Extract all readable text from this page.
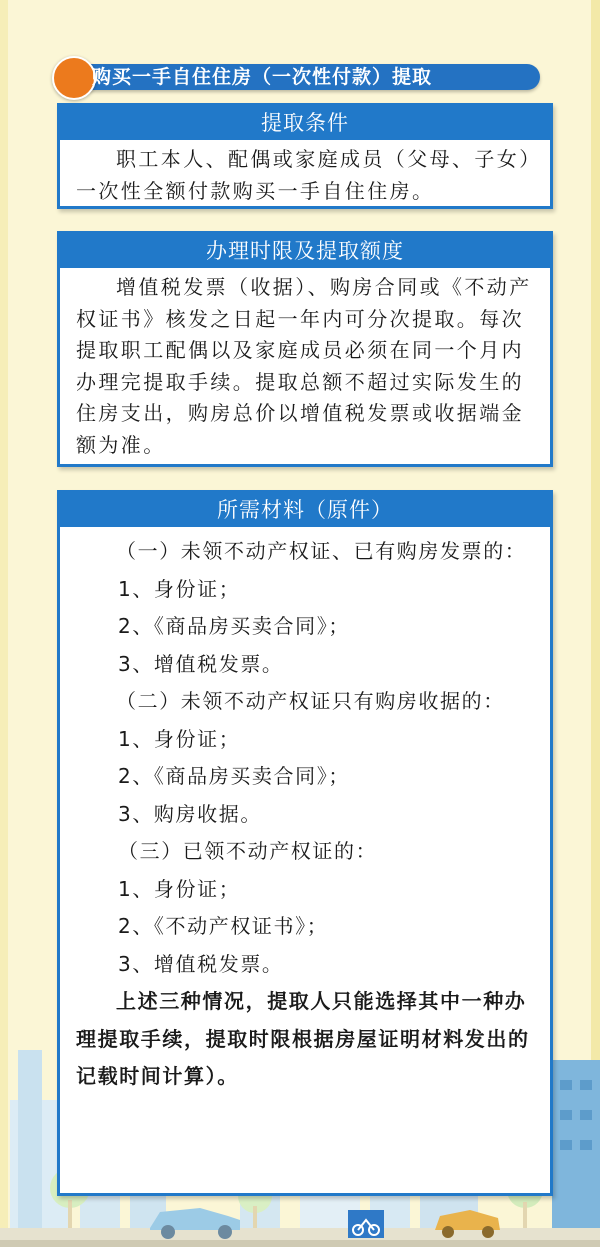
购买一手自住住房（一次性付款）提取
提取条件
职工本人、配偶或家庭成员（父母、子女）一次性全额付款购买一手自住住房。
办理时限及提取额度
增值税发票（收据）、购房合同或《不动产权证书》核发之日起一年内可分次提取。每次提取职工配偶以及家庭成员必须在同一个月内办理完提取手续。提取总额不超过实际发生的住房支出，购房总价以增值税发票或收据端金额为准。
所需材料（原件）

（一）未领不动产权证、已有购房发票的：

1、身份证；

2、《商品房买卖合同》；

3、增值税发票。

（二）未领不动产权证只有购房收据的：

1、身份证；

2、《商品房买卖合同》；

3、购房收据。

（三）已领不动产权证的：

1、身份证；

2、《不动产权证书》；

3、增值税发票。

上述三种情况，提取人只能选择其中一种办理提取手续，提取时限根据房屋证明材料发出的记载时间计算）。
